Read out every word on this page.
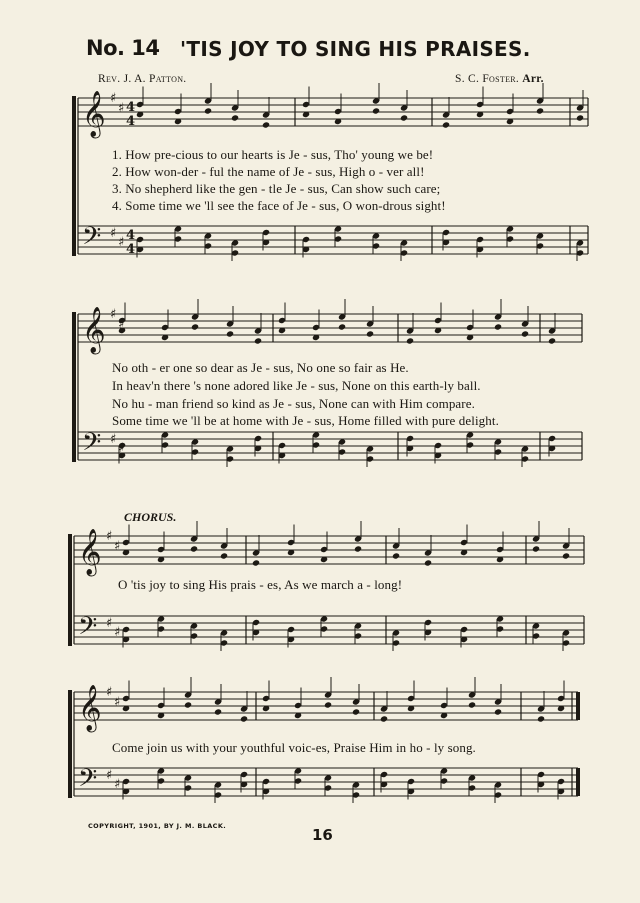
No. 14 'TIS JOY TO SING HIS PRAISES.
Rev. J. A. Patton.	S. C. Foster. Arr.
𝄞
𝄢
♯
♯
♯
♯
4
4
4
4
1. How pre-cious to our hearts is Je - sus, Tho' young we be!
2. How won-der - ful the name of Je - sus, High o - ver all!
3. No shepherd like the gen - tle Je - sus, Can show such care;
4. Some time we 'll see the face of Je - sus, O won-drous sight!
𝄞
𝄢
♯
♯
♯
♯
No oth - er one so dear as Je - sus, No one so fair as He.
In heav'n there 's none adored like Je - sus, None on this earth-ly ball.
No hu - man friend so kind as Je - sus, None can with Him compare.
Some time we 'll be at home with Je - sus, Home filled with pure delight.
CHORUS.
𝄞
𝄢
♯
♯
♯
♯
O 'tis joy to sing His prais - es, As we march a - long!
𝄞
𝄢
♯
♯
♯
♯
Come join us with your youthful voic-es, Praise Him in ho - ly song.
COPYRIGHT, 1901, BY J. M. BLACK.	16
